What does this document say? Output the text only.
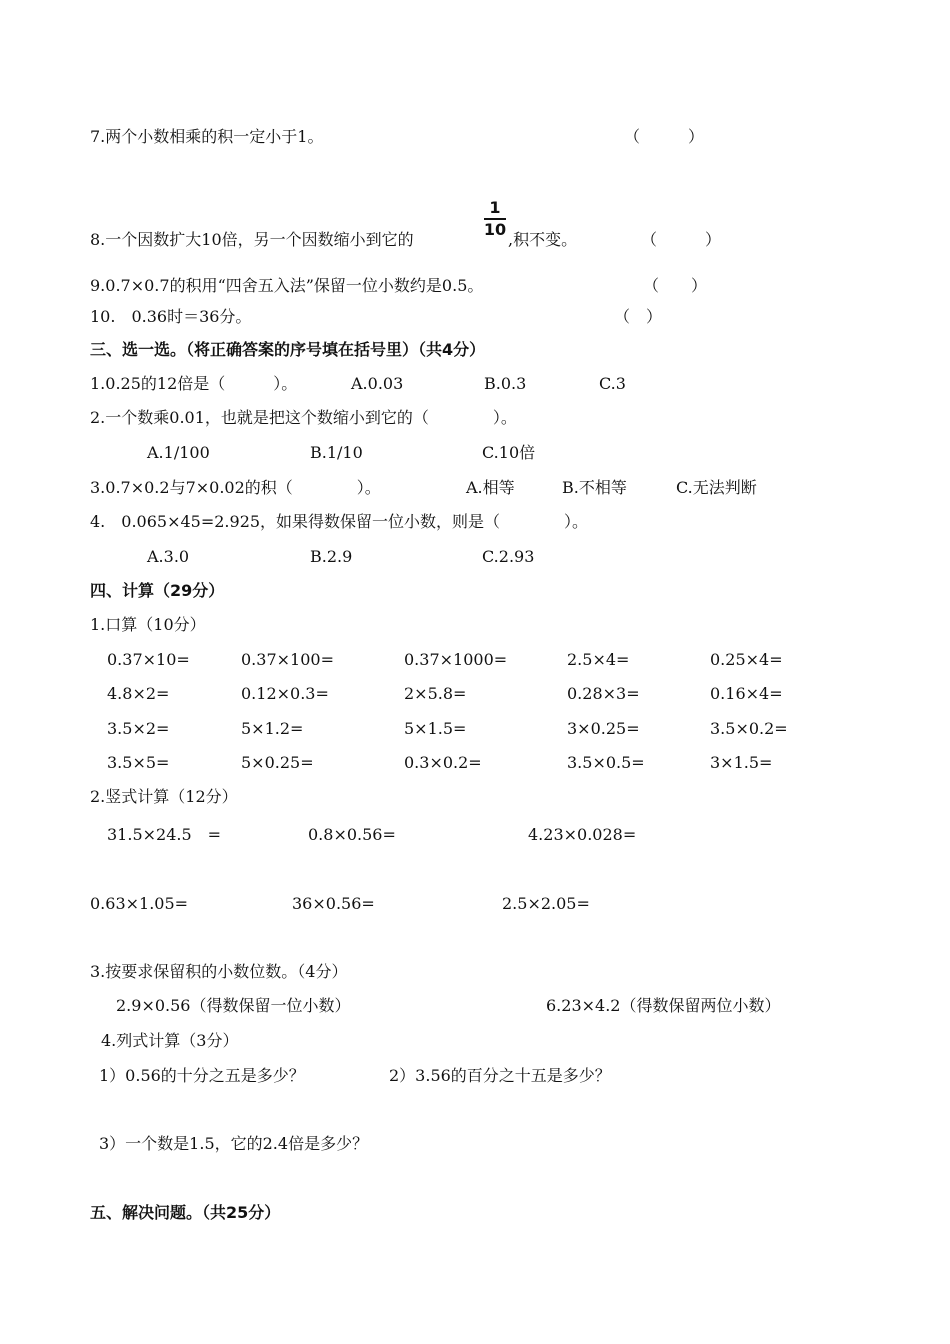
7.两个小数相乘的积一定小于1。	（　　　）
8.一个因数扩大10倍，另一个因数缩小到它的
1
10
,积不变。	（　　　）
9.0.7×0.7的积用“四舍五入法”保留一位小数约是0.5。	（　　）
10.　0.36时＝36分。	（　）
三、选一选。（将正确答案的序号填在括号里）（共4分）
1.0.25的12倍是（　　　）。	A.0.03	B.0.3	C.3
2.一个数乘0.01，也就是把这个数缩小到它的（　　　　）。
A.1/100	B.1/10	C.10倍
3.0.7×0.2与7×0.02的积（　　　　）。	A.相等	B.不相等	C.无法判断
4.　0.065×45=2.925，如果得数保留一位小数，则是（　　　　）。
A.3.0	B.2.9	C.2.93
四、计算（29分）
1.口算（10分）
0.37×10=	0.37×100=	0.37×1000=	2.5×4=	0.25×4=
4.8×2=	0.12×0.3=	2×5.8=	0.28×3=	0.16×4=
3.5×2=	5×1.2=	5×1.5=	3×0.25=	3.5×0.2=
3.5×5=	5×0.25=	0.3×0.2=	3.5×0.5=	3×1.5=
2.竖式计算（12分）
31.5×24.5　=	0.8×0.56=	4.23×0.028=
0.63×1.05=	36×0.56=	2.5×2.05=
3.按要求保留积的小数位数。（4分）
2.9×0.56（得数保留一位小数）	6.23×4.2（得数保留两位小数）
4.列式计算（3分）
1）0.56的十分之五是多少？	2）3.56的百分之十五是多少？
3）一个数是1.5，它的2.4倍是多少？
五、解决问题。（共25分）
